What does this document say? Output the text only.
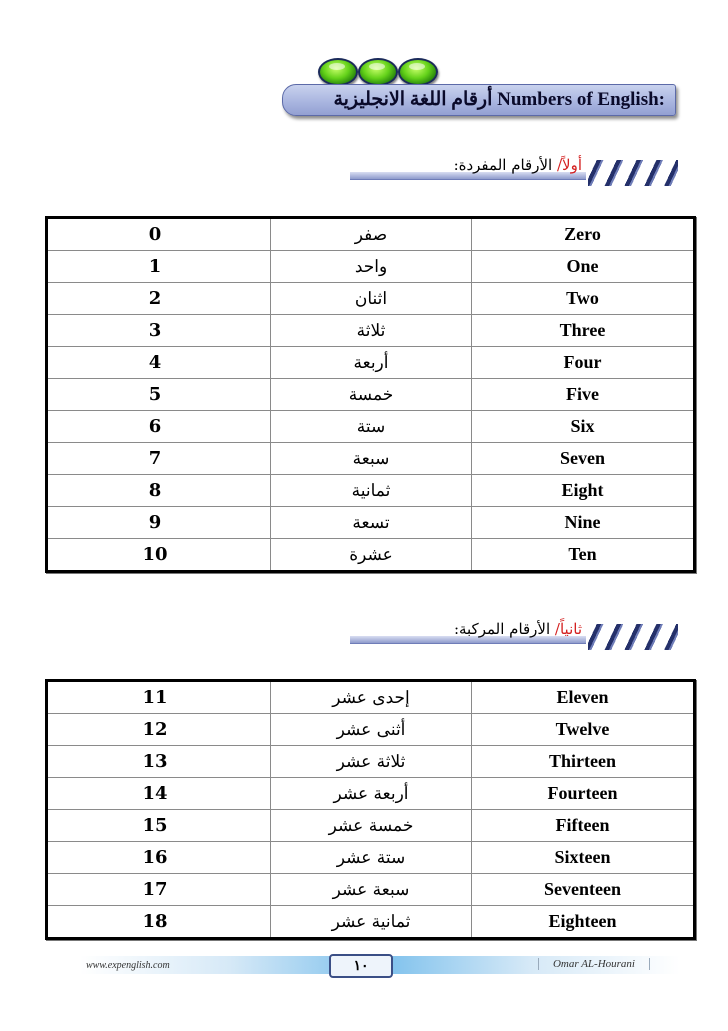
أرقام اللغة الانجليزية Numbers of English:
أولاً/ الأرقام المفردة:
0	صفر	Zero
1	واحد	One
2	اثنان	Two
3	ثلاثة	Three
4	أربعة	Four
5	خمسة	Five
6	ستة	Six
7	سبعة	Seven
8	ثمانية	Eight
9	تسعة	Nine
10	عشرة	Ten
ثانياً/ الأرقام المركبة:
11	إحدى عشر	Eleven
12	أثنى عشر	Twelve
13	ثلاثة عشر	Thirteen
14	أربعة عشر	Fourteen
15	خمسة عشر	Fifteen
16	ستة عشر	Sixteen
17	سبعة عشر	Seventeen
18	ثمانية عشر	Eighteen
www.expenglish.com	١٠	Omar AL-Hourani
